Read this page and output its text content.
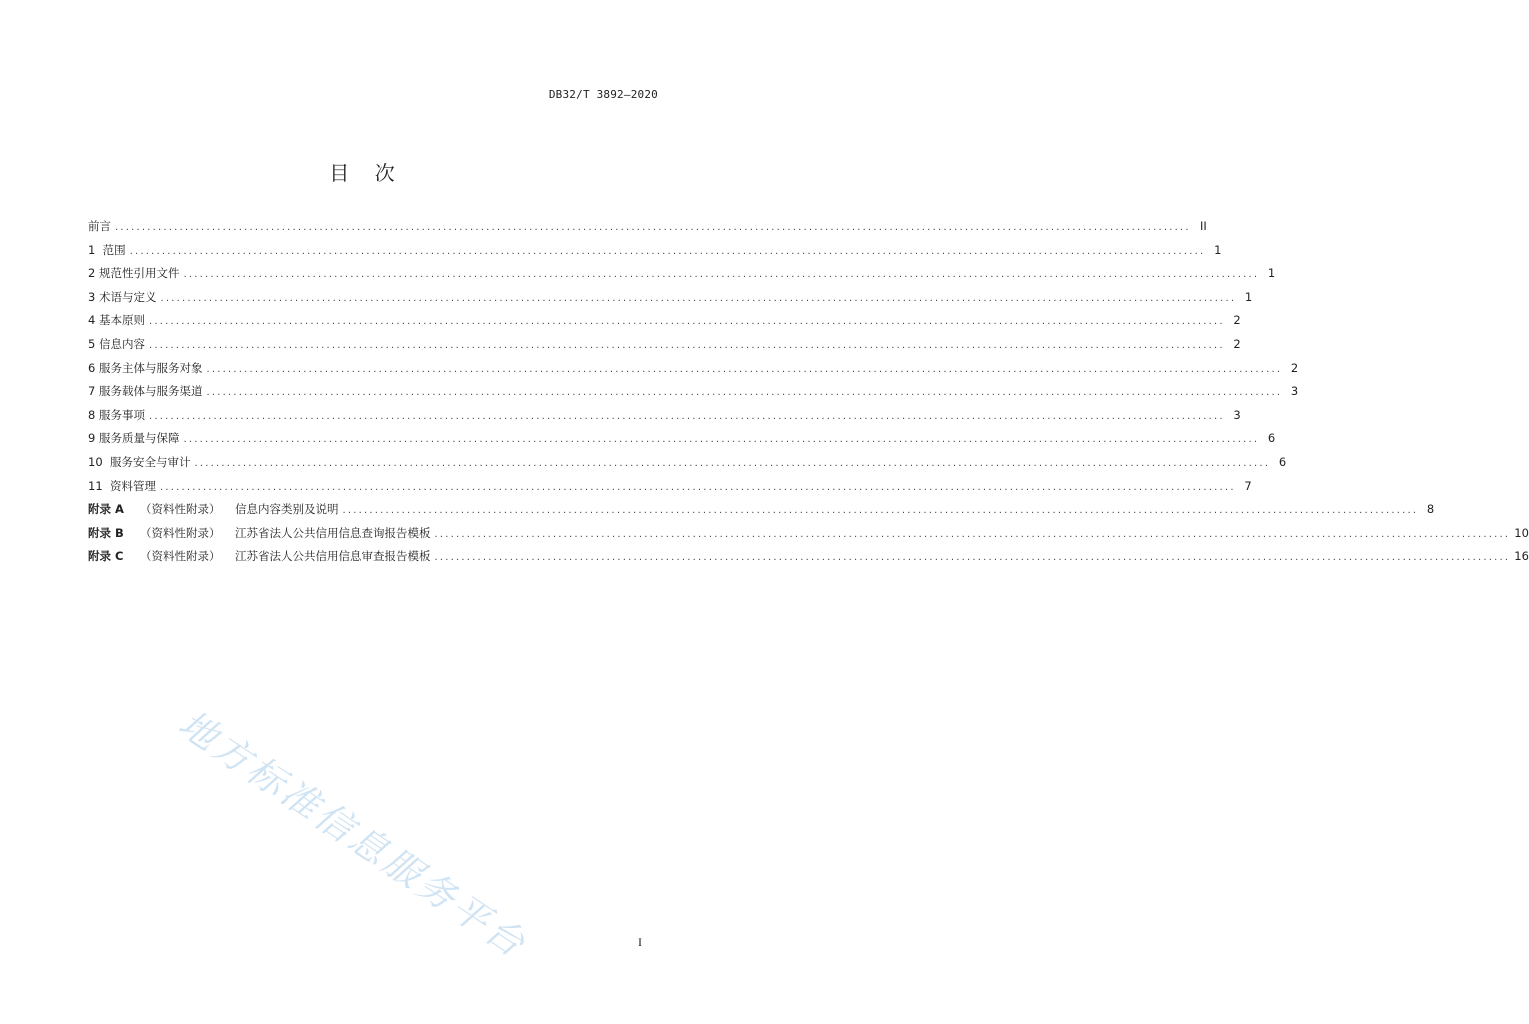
DB32/T 3892—2020
目    次
前言 ........................................................................................................................................................................................................ II
1  范围 ........................................................................................................................................................................................................ 1
2 规范性引用文件 ........................................................................................................................................................................................................ 1
3 术语与定义 ........................................................................................................................................................................................................ 1
4 基本原则 ........................................................................................................................................................................................................ 2
5 信息内容 ........................................................................................................................................................................................................ 2
6 服务主体与服务对象 ........................................................................................................................................................................................................ 2
7 服务载体与服务渠道 ........................................................................................................................................................................................................ 3
8 服务事项 ........................................................................................................................................................................................................ 3
9 服务质量与保障 ........................................................................................................................................................................................................ 6
10  服务安全与审计 ........................................................................................................................................................................................................ 6
11  资料管理 ........................................................................................................................................................................................................ 7
附录 A （资料性附录） 信息内容类别及说明 ........................................................................................................................................................................................................ 8
附录 B （资料性附录） 江苏省法人公共信用信息查询报告模板 ........................................................................................................................................................................................................ 10
附录 C （资料性附录） 江苏省法人公共信用信息审查报告模板 ........................................................................................................................................................................................................ 16
地方标准信息服务平台	I
